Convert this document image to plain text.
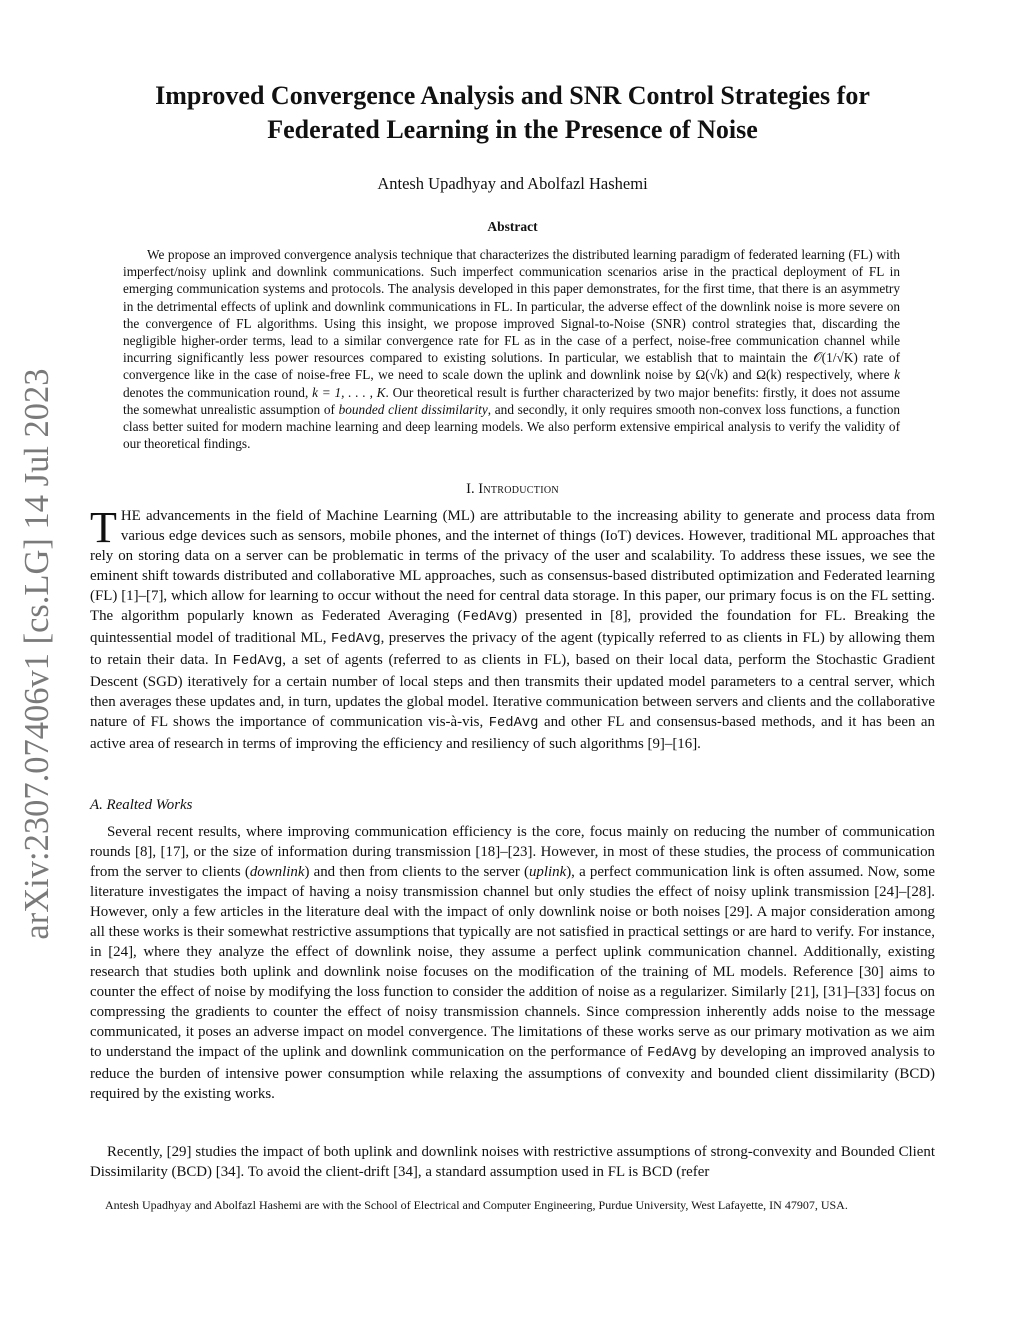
arXiv:2307.07406v1 [cs.LG] 14 Jul 2023
Improved Convergence Analysis and SNR Control Strategies for
Federated Learning in the Presence of Noise
Antesh Upadhyay and Abolfazl Hashemi
Abstract

We propose an improved convergence analysis technique that characterizes the distributed learning paradigm of federated learning (FL) with imperfect/noisy uplink and downlink communications. Such imperfect communication scenarios arise in the practical deployment of FL in emerging communication systems and protocols. The analysis developed in this paper demonstrates, for the first time, that there is an asymmetry in the detrimental effects of uplink and downlink communications in FL. In particular, the adverse effect of the downlink noise is more severe on the convergence of FL algorithms. Using this insight, we propose improved Signal-to-Noise (SNR) control strategies that, discarding the negligible higher-order terms, lead to a similar convergence rate for FL as in the case of a perfect, noise-free communication channel while incurring significantly less power resources compared to existing solutions. In particular, we establish that to maintain the 𝒪(1/√K) rate of convergence like in the case of noise-free FL, we need to scale down the uplink and downlink noise by Ω(√k) and Ω(k) respectively, where k denotes the communication round, k = 1, . . . , K. Our theoretical result is further characterized by two major benefits: firstly, it does not assume the somewhat unrealistic assumption of bounded client dissimilarity, and secondly, it only requires smooth non-convex loss functions, a function class better suited for modern machine learning and deep learning models. We also perform extensive empirical analysis to verify the validity of our theoretical findings.

I. Introduction

THE advancements in the field of Machine Learning (ML) are attributable to the increasing ability to generate and process data from various edge devices such as sensors, mobile phones, and the internet of things (IoT) devices. However, traditional ML approaches that rely on storing data on a server can be problematic in terms of the privacy of the user and scalability. To address these issues, we see the eminent shift towards distributed and collaborative ML approaches, such as consensus-based distributed optimization and Federated learning (FL) [1]–[7], which allow for learning to occur without the need for central data storage. In this paper, our primary focus is on the FL setting. The algorithm popularly known as Federated Averaging (FedAvg) presented in [8], provided the foundation for FL. Breaking the quintessential model of traditional ML, FedAvg, preserves the privacy of the agent (typically referred to as clients in FL) by allowing them to retain their data. In FedAvg, a set of agents (referred to as clients in FL), based on their local data, perform the Stochastic Gradient Descent (SGD) iteratively for a certain number of local steps and then transmits their updated model parameters to a central server, which then averages these updates and, in turn, updates the global model. Iterative communication between servers and clients and the collaborative nature of FL shows the importance of communication vis-à-vis, FedAvg and other FL and consensus-based methods, and it has been an active area of research in terms of improving the efficiency and resiliency of such algorithms [9]–[16].

A. Realted Works

Several recent results, where improving communication efficiency is the core, focus mainly on reducing the number of communication rounds [8], [17], or the size of information during transmission [18]–[23]. However, in most of these studies, the process of communication from the server to clients (downlink) and then from clients to the server (uplink), a perfect communication link is often assumed. Now, some literature investigates the impact of having a noisy transmission channel but only studies the effect of noisy uplink transmission [24]–[28]. However, only a few articles in the literature deal with the impact of only downlink noise or both noises [29]. A major consideration among all these works is their somewhat restrictive assumptions that typically are not satisfied in practical settings or are hard to verify. For instance, in [24], where they analyze the effect of downlink noise, they assume a perfect uplink communication channel. Additionally, existing research that studies both uplink and downlink noise focuses on the modification of the training of ML models. Reference [30] aims to counter the effect of noise by modifying the loss function to consider the addition of noise as a regularizer. Similarly [21], [31]–[33] focus on compressing the gradients to counter the effect of noisy transmission channels. Since compression inherently adds noise to the message communicated, it poses an adverse impact on model convergence. The limitations of these works serve as our primary motivation as we aim to understand the impact of the uplink and downlink communication on the performance of FedAvg by developing an improved analysis to reduce the burden of intensive power consumption while relaxing the assumptions of convexity and bounded client dissimilarity (BCD) required by the existing works.

Recently, [29] studies the impact of both uplink and downlink noises with restrictive assumptions of strong-convexity and Bounded Client Dissimilarity (BCD) [34]. To avoid the client-drift [34], a standard assumption used in FL is BCD (refer

Antesh Upadhyay and Abolfazl Hashemi are with the School of Electrical and Computer Engineering, Purdue University, West Lafayette, IN 47907, USA.
